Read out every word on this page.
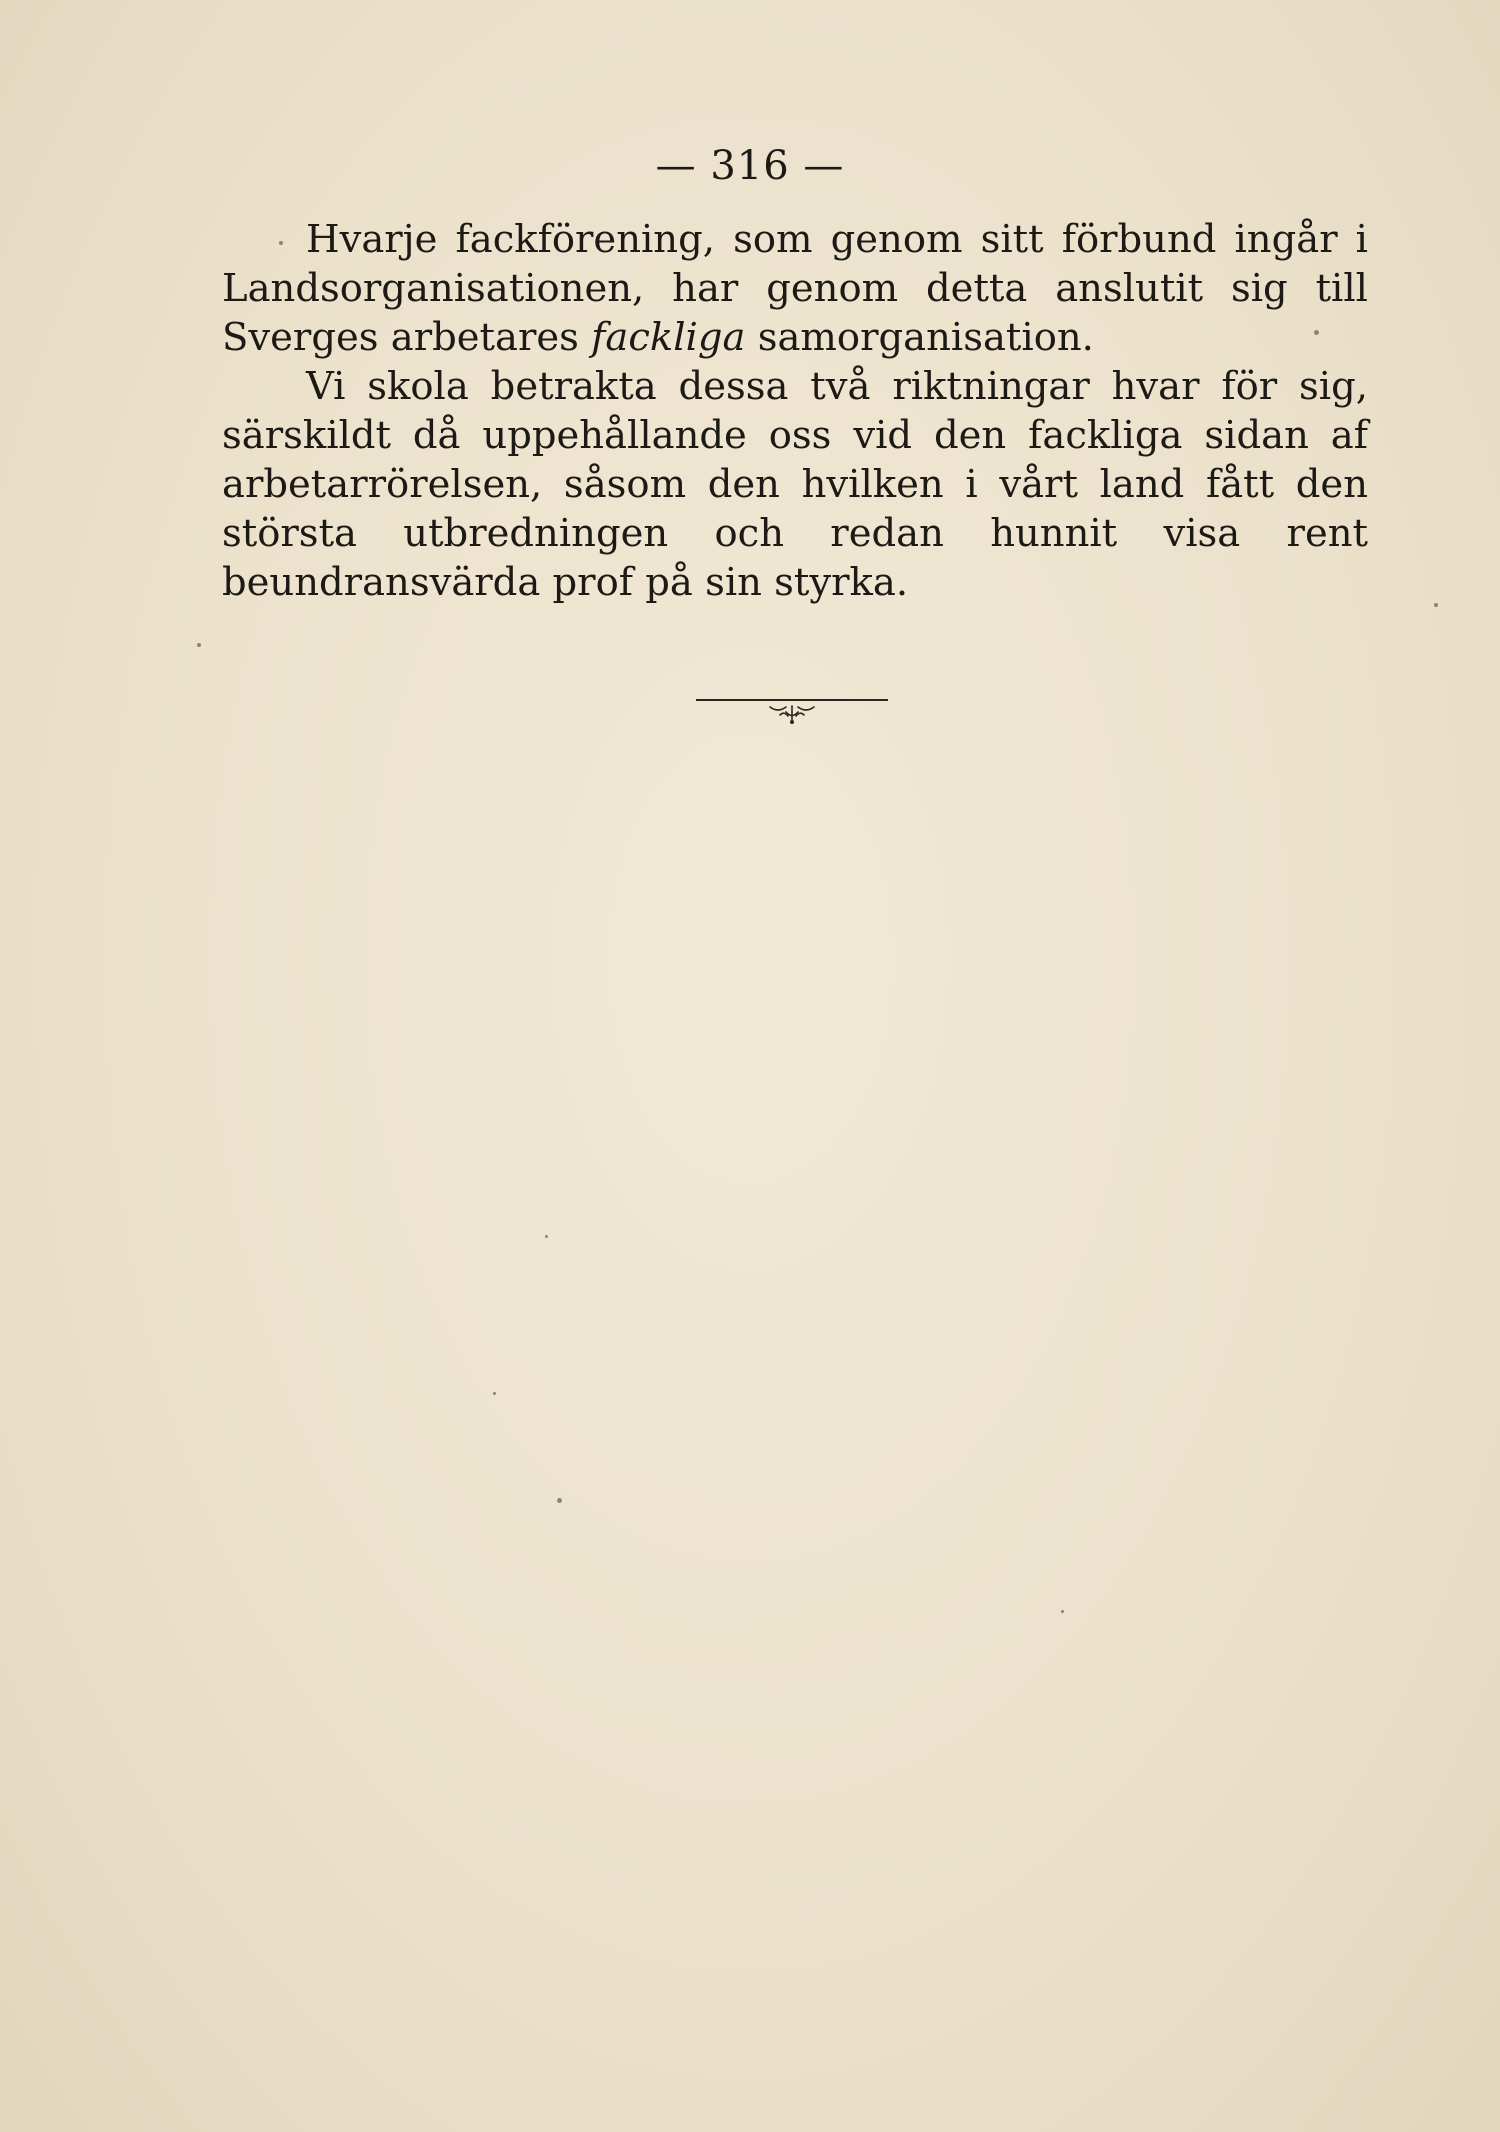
— 316 —

Hvarje fackförening, som genom sitt förbund ingår i Landsorganisationen, har genom detta anslutit sig till Sverges arbetares fackliga samorganisation.

Vi skola betrakta dessa två riktningar hvar för sig, särskildt då uppehållande oss vid den fackliga sidan af arbetarrörelsen, såsom den hvilken i vårt land fått den största utbredningen och redan hunnit visa rent beundransvärda prof på sin styrka.
